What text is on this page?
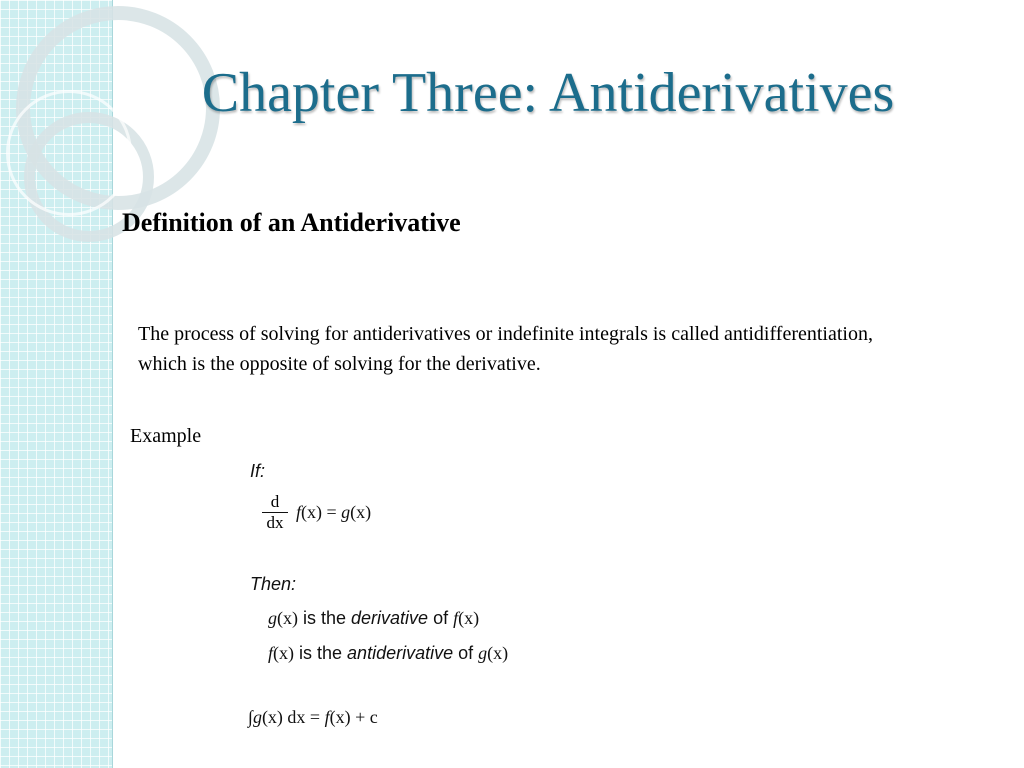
Chapter Three: Antiderivatives
Definition of an Antiderivative

The process of solving for antiderivatives or indefinite integrals is called antidifferentiation, which is the opposite of solving for the derivative.

Example
If:
d
dx
f(x) = g(x)
Then:
g(x) is the derivative of f(x)
f(x) is the antiderivative of g(x)
∫g(x) dx = f(x) + c
